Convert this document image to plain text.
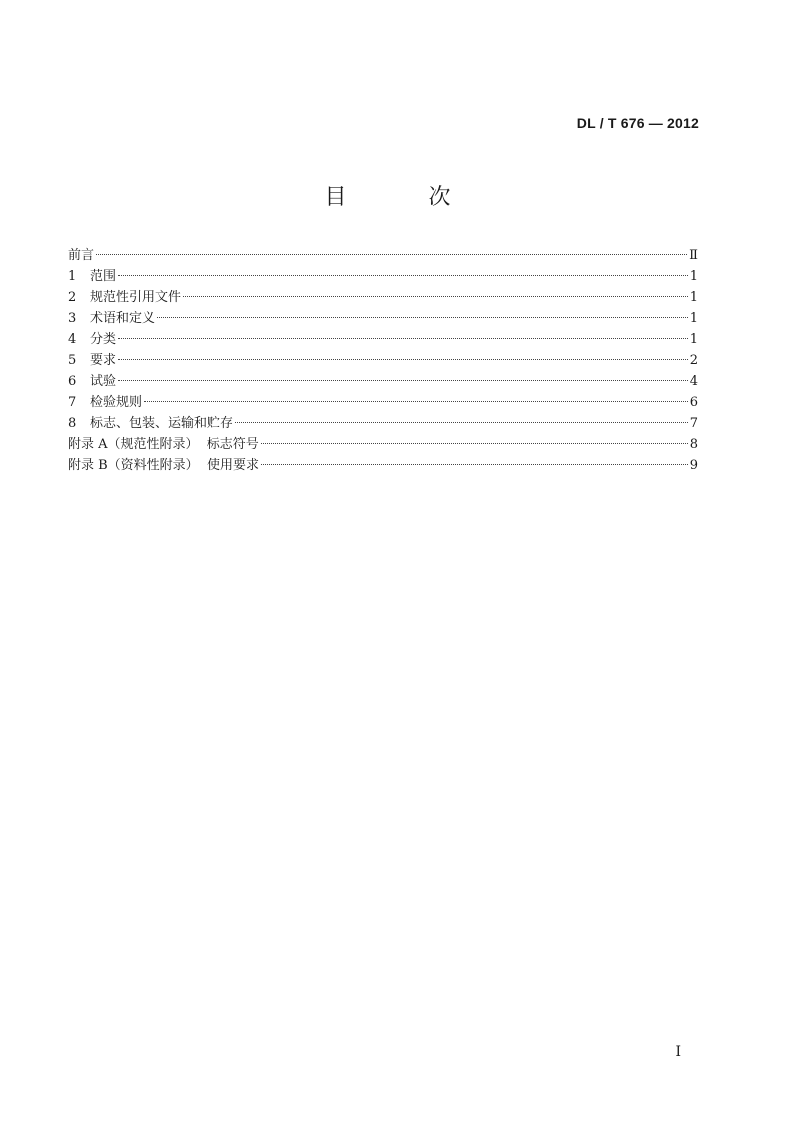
DL / T 676 — 2012
目　次
前言	Ⅱ
1	范围	1
2	规范性引用文件	1
3	术语和定义	1
4	分类	1
5	要求	2
6	试验	4
7	检验规则	6
8	标志、包装、运输和贮存	7
附录 A（规范性附录）  标志符号	8
附录 B（资料性附录）  使用要求	9
I
